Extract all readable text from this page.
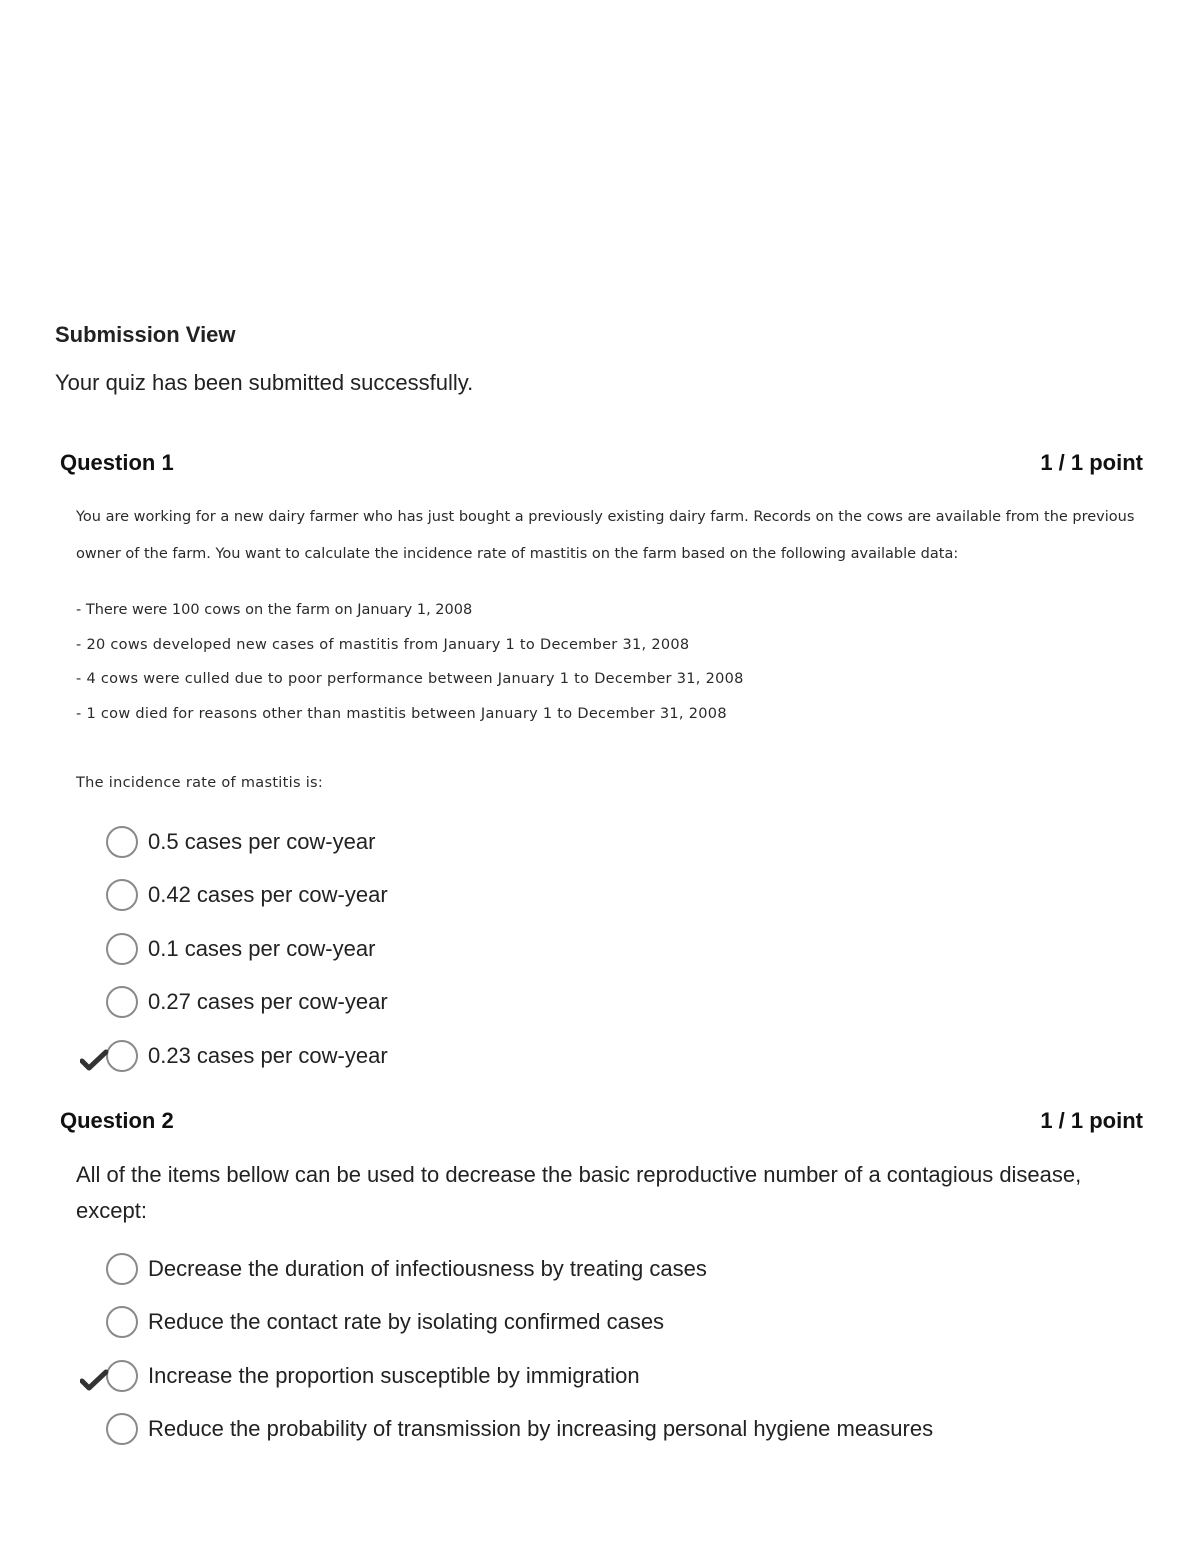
Submission View
Your quiz has been submitted successfully.
Question 1	1 / 1 point
You are working for a new dairy farmer who has just bought a previously existing dairy farm. Records on the cows are available from the previous
owner of the farm. You want to calculate the incidence rate of mastitis on the farm based on the following available data:
- There were 100 cows on the farm on January 1, 2008
- 20 cows developed new cases of mastitis from January 1 to December 31, 2008
- 4 cows were culled due to poor performance between January 1 to December 31, 2008
- 1 cow died for reasons other than mastitis between January 1 to December 31, 2008
The incidence rate of mastitis is:
0.5 cases per cow-year
0.42 cases per cow-year
0.1 cases per cow-year
0.27 cases per cow-year
0.23 cases per cow-year
Question 2	1 / 1 point
All of the items bellow can be used to decrease the basic reproductive number of a contagious disease, except:
Decrease the duration of infectiousness by treating cases
Reduce the contact rate by isolating confirmed cases
Increase the proportion susceptible by immigration
Reduce the probability of transmission by increasing personal hygiene measures
